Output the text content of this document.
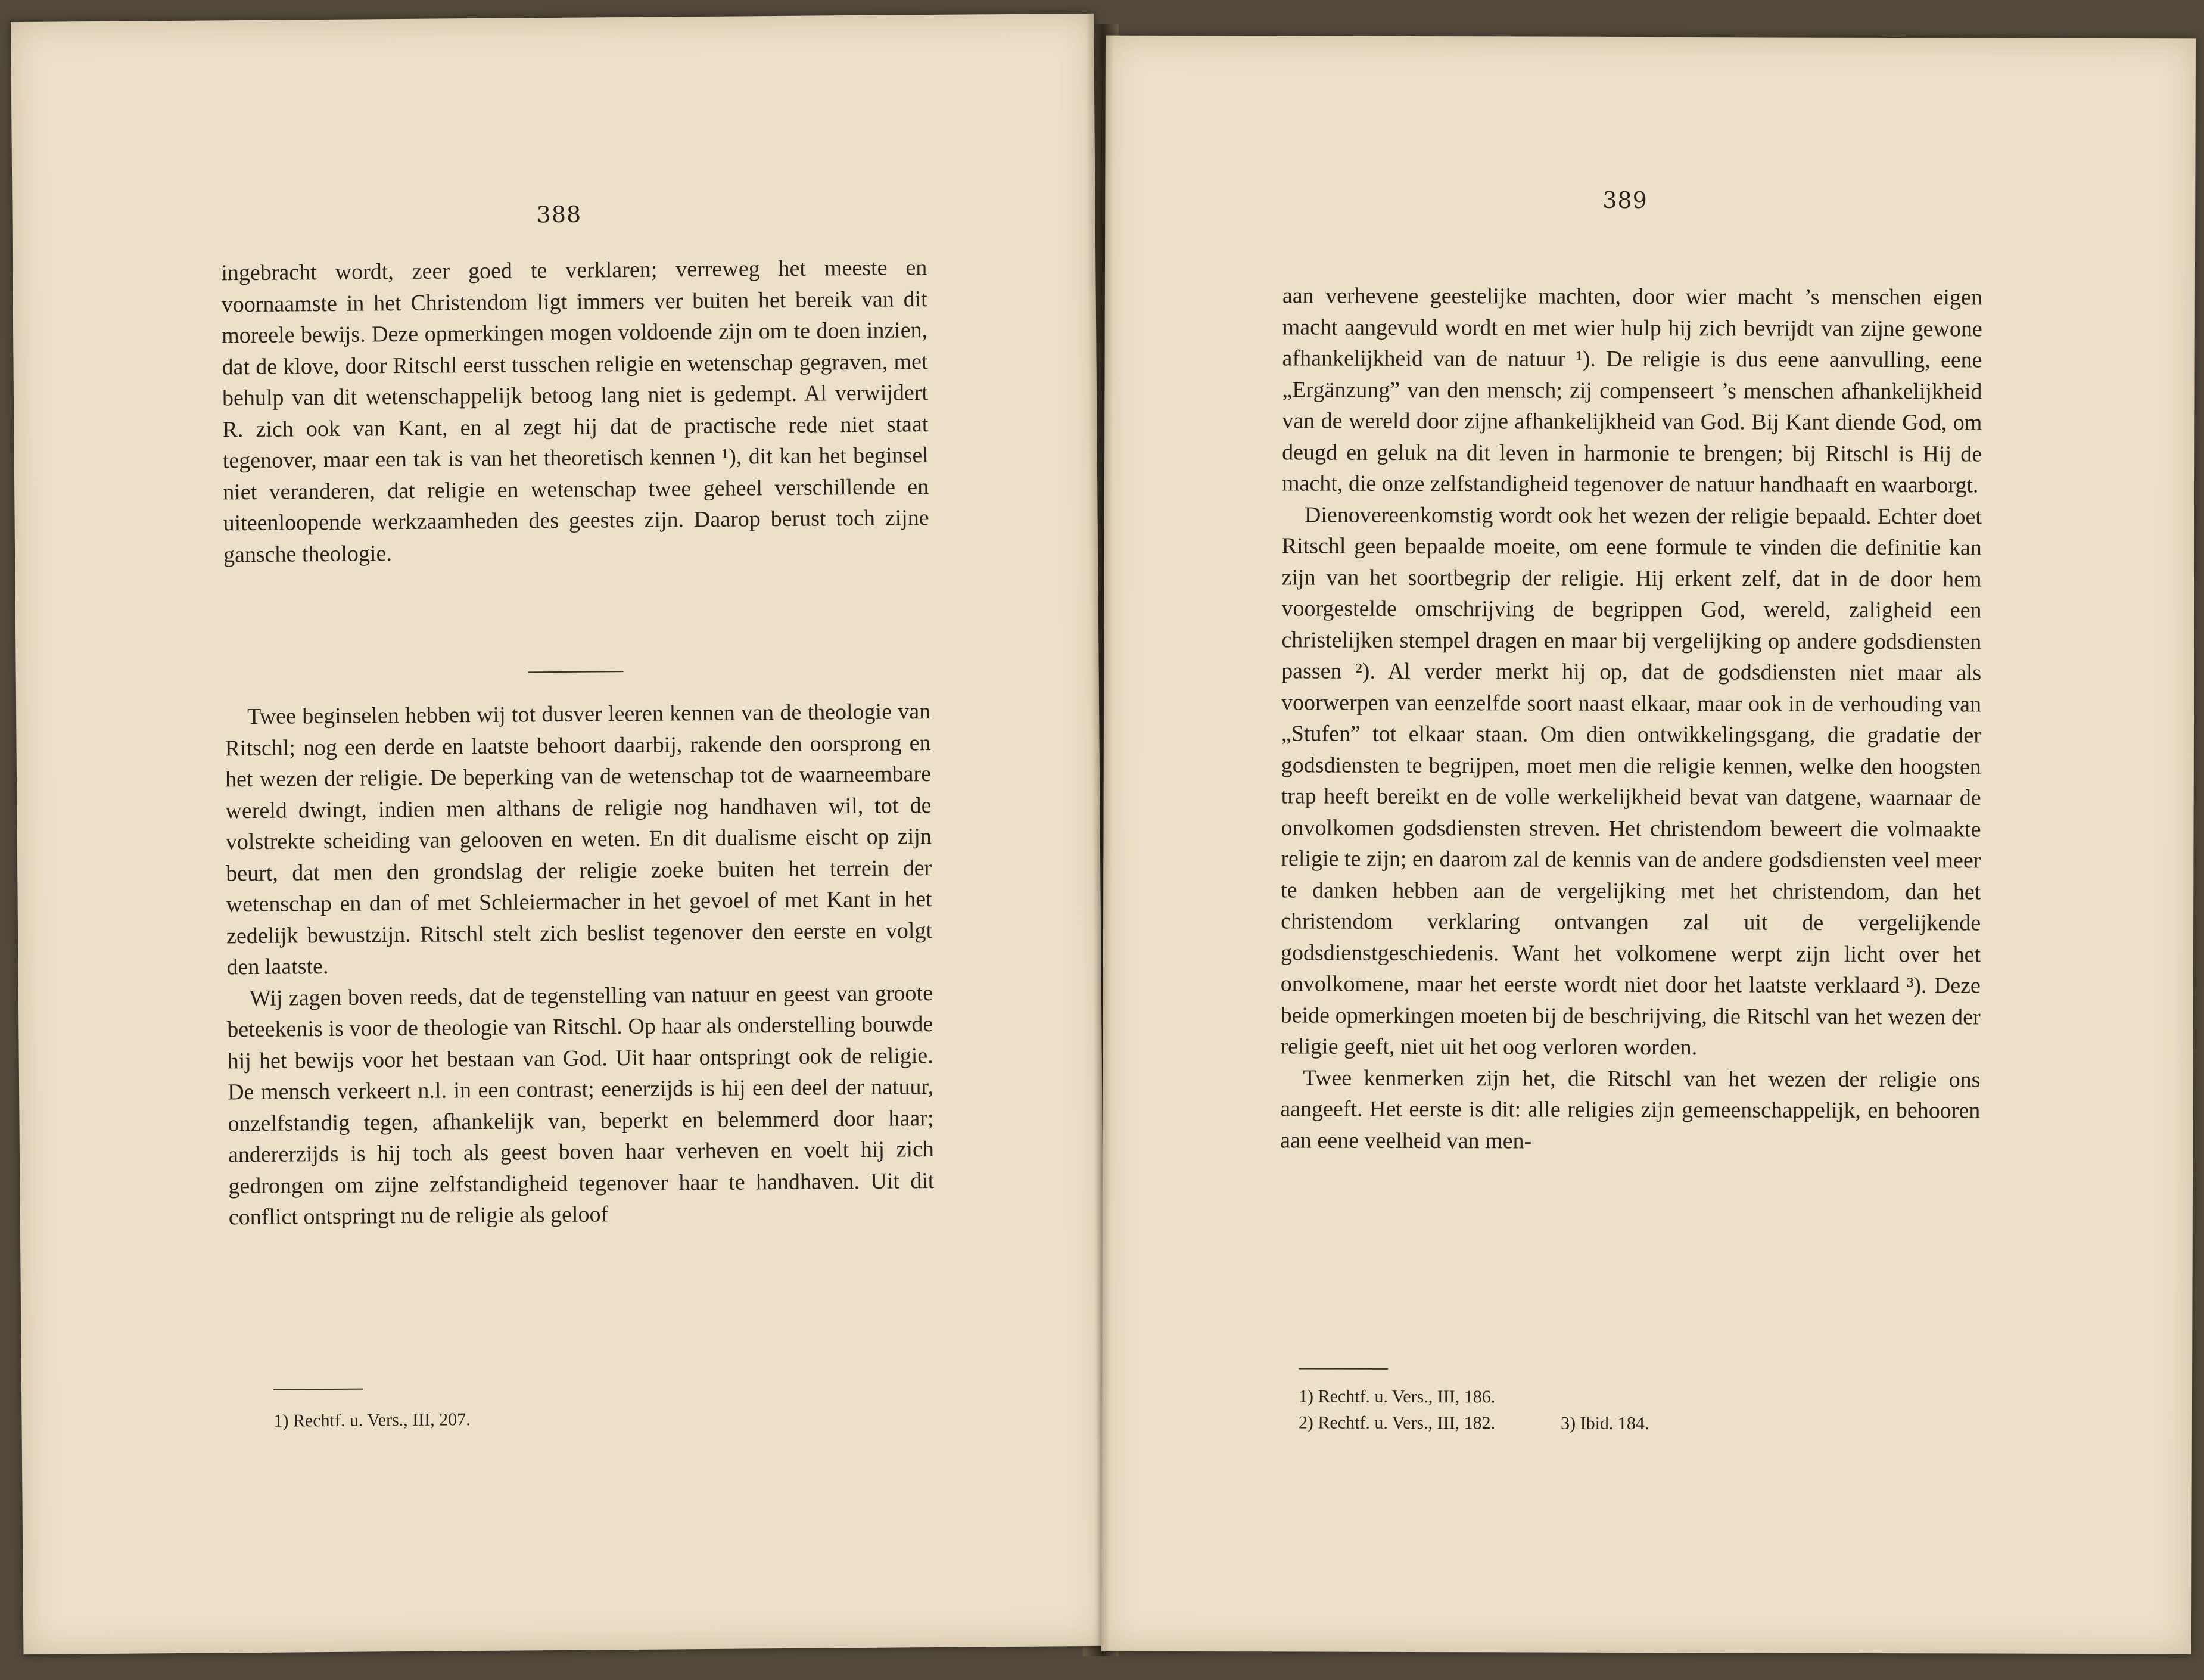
388

ingebracht wordt, zeer goed te verklaren; verreweg het meeste en voornaamste in het Christendom ligt immers ver buiten het bereik van dit moreele bewijs. Deze opmerkingen mogen voldoende zijn om te doen inzien, dat de klove, door Ritschl eerst tusschen religie en wetenschap gegraven, met behulp van dit wetenschappelijk betoog lang niet is gedempt. Al verwijdert R. zich ook van Kant, en al zegt hij dat de practische rede niet staat tegenover, maar een tak is van het theoretisch kennen ¹), dit kan het beginsel niet veranderen, dat religie en wetenschap twee geheel verschillende en uiteenloopende werkzaamheden des geestes zijn. Daarop berust toch zijne gansche theologie.

Twee beginselen hebben wij tot dusver leeren kennen van de theologie van Ritschl; nog een derde en laatste behoort daarbij, rakende den oorsprong en het wezen der religie. De beperking van de wetenschap tot de waarneembare wereld dwingt, indien men althans de religie nog handhaven wil, tot de volstrekte scheiding van gelooven en weten. En dit dualisme eischt op zijn beurt, dat men den grondslag der religie zoeke buiten het terrein der wetenschap en dan of met Schleiermacher in het gevoel of met Kant in het zedelijk bewustzijn. Ritschl stelt zich beslist tegenover den eerste en volgt den laatste.

Wij zagen boven reeds, dat de tegenstelling van natuur en geest van groote beteekenis is voor de theologie van Ritschl. Op haar als onderstelling bouwde hij het bewijs voor het bestaan van God. Uit haar ontspringt ook de religie. De mensch verkeert n.l. in een contrast; eenerzijds is hij een deel der natuur, onzelfstandig tegen, afhankelijk van, beperkt en belemmerd door haar; andererzijds is hij toch als geest boven haar verheven en voelt hij zich gedrongen om zijne zelfstandigheid tegenover haar te handhaven. Uit dit conflict ontspringt nu de religie als geloof

1) Rechtf. u. Vers., III, 207.
389

aan verhevene geestelijke machten, door wier macht ’s menschen eigen macht aangevuld wordt en met wier hulp hij zich bevrijdt van zijne gewone afhankelijkheid van de natuur ¹). De religie is dus eene aanvulling, eene „Ergänzung” van den mensch; zij compenseert ’s menschen afhankelijkheid van de wereld door zijne afhankelijkheid van God. Bij Kant diende God, om deugd en geluk na dit leven in harmonie te brengen; bij Ritschl is Hij de macht, die onze zelfstandigheid tegenover de natuur handhaaft en waarborgt.

Dienovereenkomstig wordt ook het wezen der religie bepaald. Echter doet Ritschl geen bepaalde moeite, om eene formule te vinden die definitie kan zijn van het soortbegrip der religie. Hij erkent zelf, dat in de door hem voorgestelde omschrijving de begrippen God, wereld, zaligheid een christelijken stempel dragen en maar bij vergelijking op andere godsdiensten passen ²). Al verder merkt hij op, dat de godsdiensten niet maar als voorwerpen van eenzelfde soort naast elkaar, maar ook in de verhouding van „Stufen” tot elkaar staan. Om dien ontwikkelingsgang, die gradatie der godsdiensten te begrijpen, moet men die religie kennen, welke den hoogsten trap heeft bereikt en de volle werkelijkheid bevat van datgene, waarnaar de onvolkomen godsdiensten streven. Het christendom beweert die volmaakte religie te zijn; en daarom zal de kennis van de andere godsdiensten veel meer te danken hebben aan de vergelijking met het christendom, dan het christendom verklaring ontvangen zal uit de vergelijkende godsdienstgeschiedenis. Want het volkomene werpt zijn licht over het onvolkomene, maar het eerste wordt niet door het laatste verklaard ³). Deze beide opmerkingen moeten bij de beschrijving, die Ritschl van het wezen der religie geeft, niet uit het oog verloren worden.

Twee kenmerken zijn het, die Ritschl van het wezen der religie ons aangeeft. Het eerste is dit: alle religies zijn gemeenschappelijk, en behooren aan eene veelheid van men-

1) Rechtf. u. Vers., III, 186.
2) Rechtf. u. Vers., III, 182.	3) Ibid. 184.
